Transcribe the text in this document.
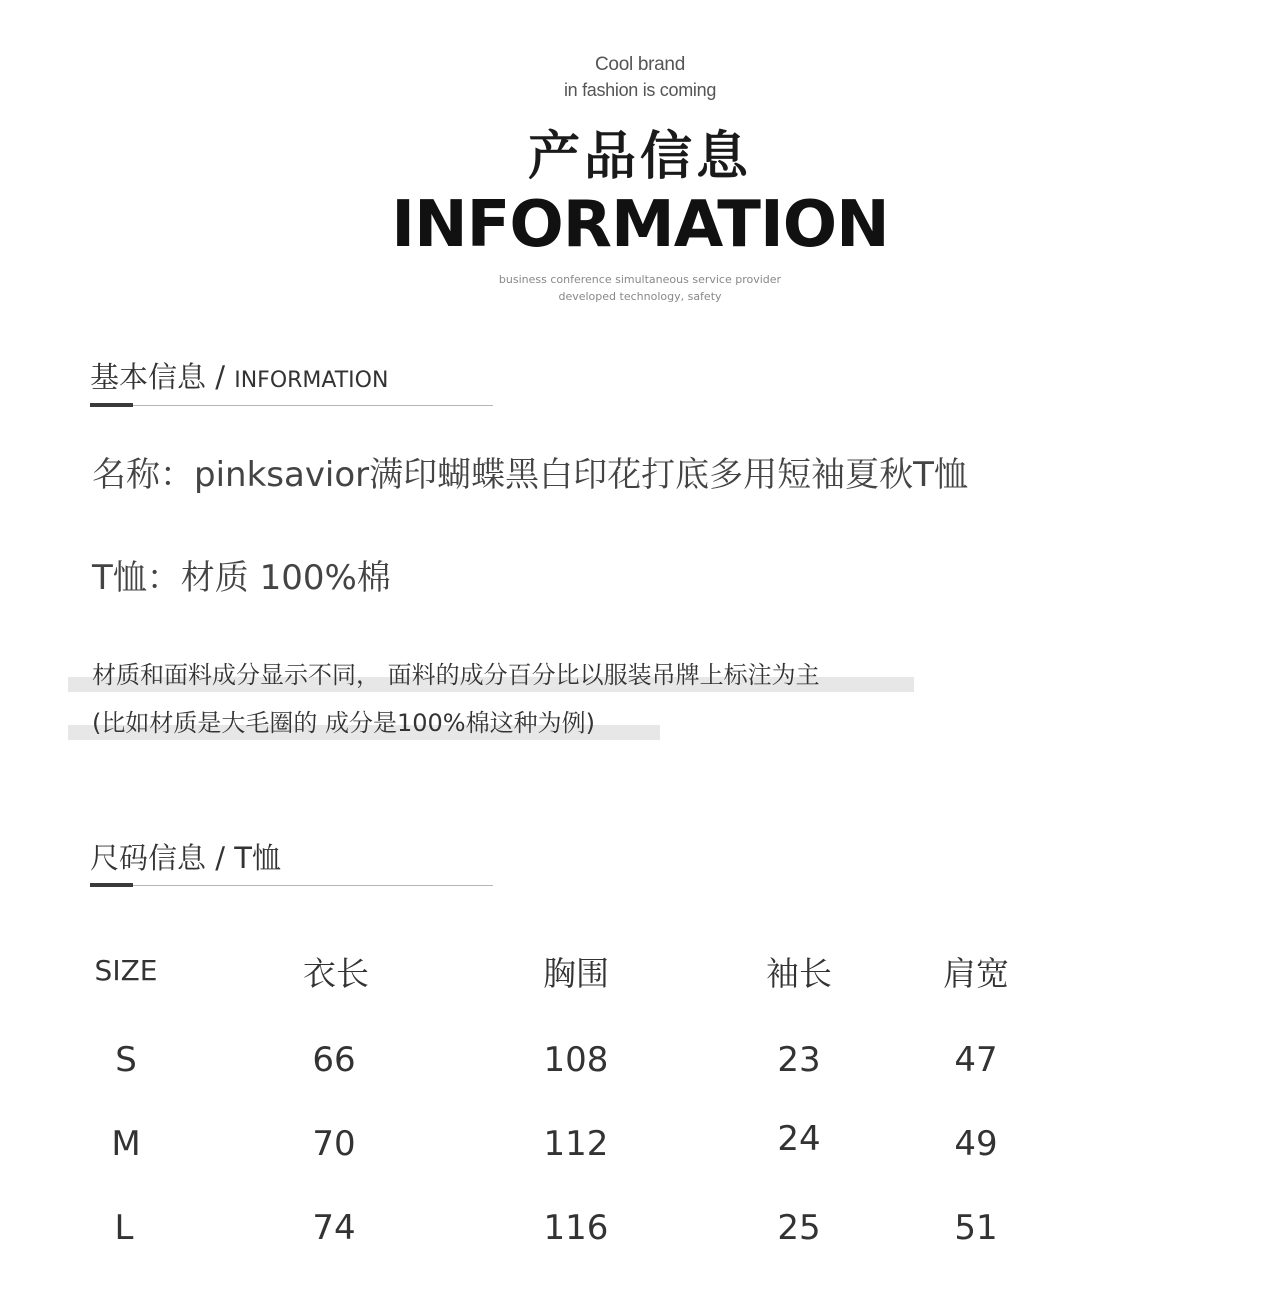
Cool brand
in fashion is coming
产品信息
INFORMATION
business conference simultaneous service provider
developed technology, safety
基本信息 / INFORMATION
名称：pinksavior满印蝴蝶黑白印花打底多用短袖夏秋T恤
T恤：材质 100%棉
材质和面料成分显示不同， 面料的成分百分比以服装吊牌上标注为主
(比如材质是大毛圈的 成分是100%棉这种为例)
尺码信息 / T恤
SIZE	衣长	胸围	袖长	肩宽
S	66	108	23	47
M	70	112	24	49
L	74	116	25	51
